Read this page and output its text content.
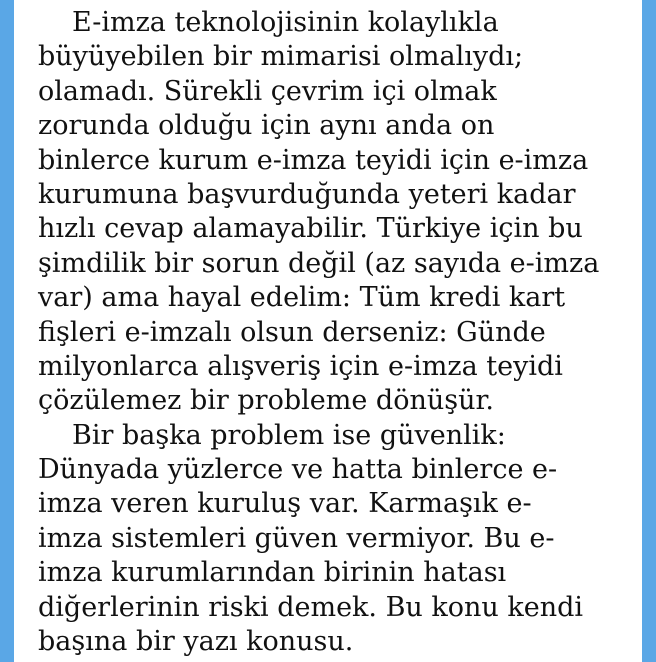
E-imza teknolojisinin kolaylıkla
büyüyebilen bir mimarisi olmalıydı;
olamadı. Sürekli çevrim içi olmak
zorunda olduğu için aynı anda on
binlerce kurum e-imza teyidi için e-imza
kurumuna başvurduğunda yeteri kadar
hızlı cevap alamayabilir. Türkiye için bu
şimdilik bir sorun değil (az sayıda e-imza
var) ama hayal edelim: Tüm kredi kart
fişleri e-imzalı olsun derseniz: Günde
milyonlarca alışveriş için e-imza teyidi
çözülemez bir probleme dönüşür.
Bir başka problem ise güvenlik:
Dünyada yüzlerce ve hatta binlerce e-
imza veren kuruluş var. Karmaşık e-
imza sistemleri güven vermiyor. Bu e-
imza kurumlarından birinin hatası
diğerlerinin riski demek. Bu konu kendi
başına bir yazı konusu.
